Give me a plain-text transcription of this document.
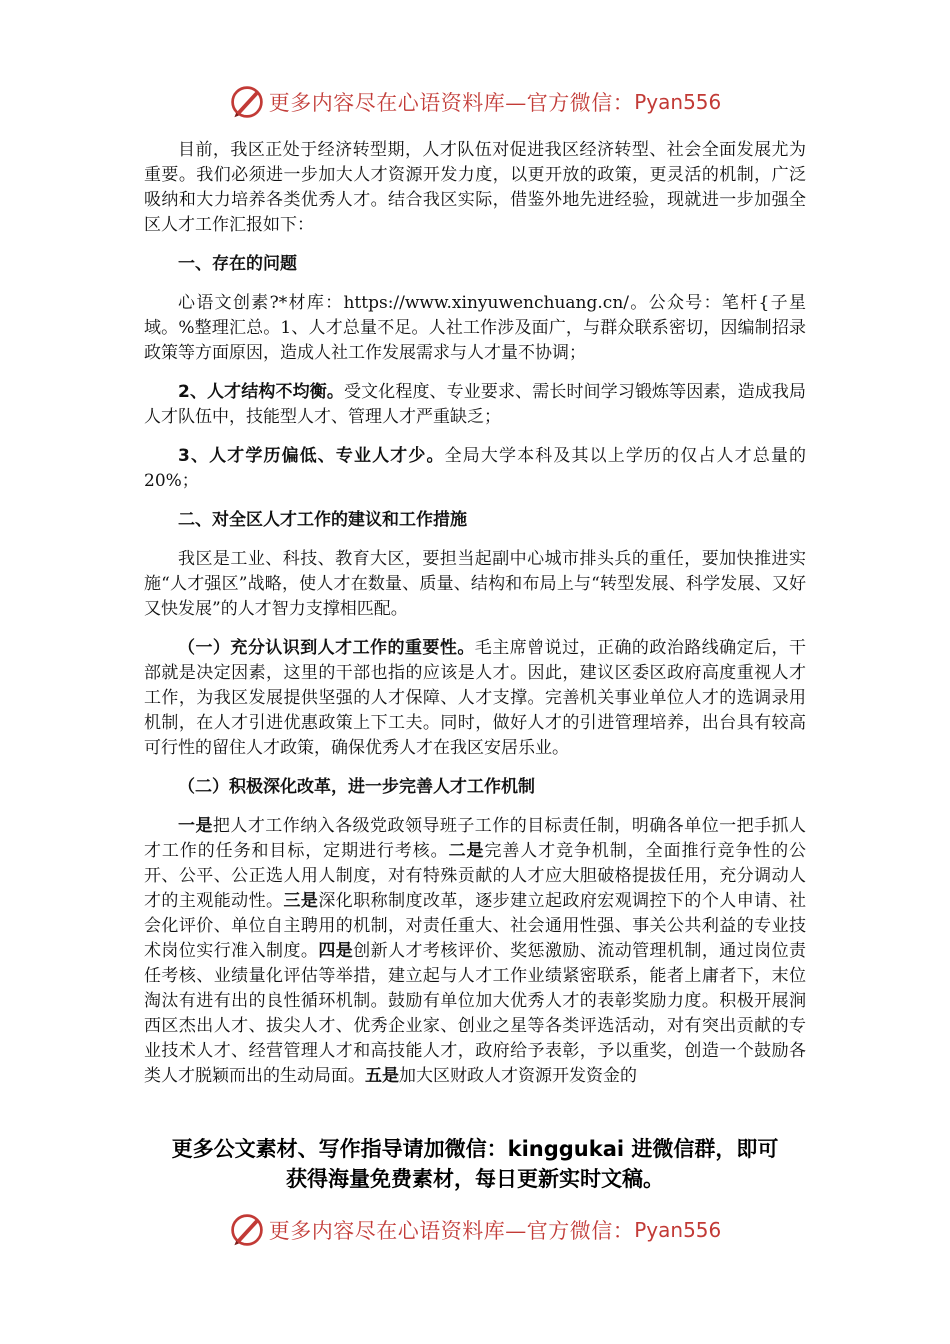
更多内容尽在心语资料库—官方微信： Pyan556

目前，我区正处于经济转型期，人才队伍对促进我区经济转型、社会全面发展尤为重要。我们必须进一步加大人才资源开发力度，以更开放的政策，更灵活的机制，广泛吸纳和大力培养各类优秀人才。结合我区实际，借鉴外地先进经验，现就进一步加强全区人才工作汇报如下：

一、存在的问题

心语文创素?*材库：https://www.xinyuwenchuang.cn/。公众号：笔杆{子星域。%整理汇总。1、人才总量不足。人社工作涉及面广，与群众联系密切，因编制招录政策等方面原因，造成人社工作发展需求与人才量不协调；

2、人才结构不均衡。受文化程度、专业要求、需长时间学习锻炼等因素，造成我局人才队伍中，技能型人才、管理人才严重缺乏；

3、人才学历偏低、专业人才少。全局大学本科及其以上学历的仅占人才总量的20%；

二、对全区人才工作的建议和工作措施

我区是工业、科技、教育大区，要担当起副中心城市排头兵的重任，要加快推进实施“人才强区”战略，使人才在数量、质量、结构和布局上与“转型发展、科学发展、又好又快发展”的人才智力支撑相匹配。

（一）充分认识到人才工作的重要性。毛主席曾说过，正确的政治路线确定后，干部就是决定因素，这里的干部也指的应该是人才。因此，建议区委区政府高度重视人才工作，为我区发展提供坚强的人才保障、人才支撑。完善机关事业单位人才的选调录用机制，在人才引进优惠政策上下工夫。同时，做好人才的引进管理培养，出台具有较高可行性的留住人才政策，确保优秀人才在我区安居乐业。

（二）积极深化改革，进一步完善人才工作机制

一是把人才工作纳入各级党政领导班子工作的目标责任制，明确各单位一把手抓人才工作的任务和目标，定期进行考核。二是完善人才竞争机制，全面推行竞争性的公开、公平、公正选人用人制度，对有特殊贡献的人才应大胆破格提拔任用，充分调动人才的主观能动性。三是深化职称制度改革，逐步建立起政府宏观调控下的个人申请、社会化评价、单位自主聘用的机制，对责任重大、社会通用性强、事关公共利益的专业技术岗位实行准入制度。四是创新人才考核评价、奖惩激励、流动管理机制，通过岗位责任考核、业绩量化评估等举措，建立起与人才工作业绩紧密联系，能者上庸者下，末位淘汰有进有出的良性循环机制。鼓励有单位加大优秀人才的表彰奖励力度。积极开展涧西区杰出人才、拔尖人才、优秀企业家、创业之星等各类评选活动，对有突出贡献的专业技术人才、经营管理人才和高技能人才，政府给予表彰，予以重奖，创造一个鼓励各类人才脱颖而出的生动局面。五是加大区财政人才资源开发资金的

更多公文素材、写作指导请加微信：kinggukai 进微信群，即可
获得海量免费素材，每日更新实时文稿。
更多内容尽在心语资料库—官方微信： Pyan556
